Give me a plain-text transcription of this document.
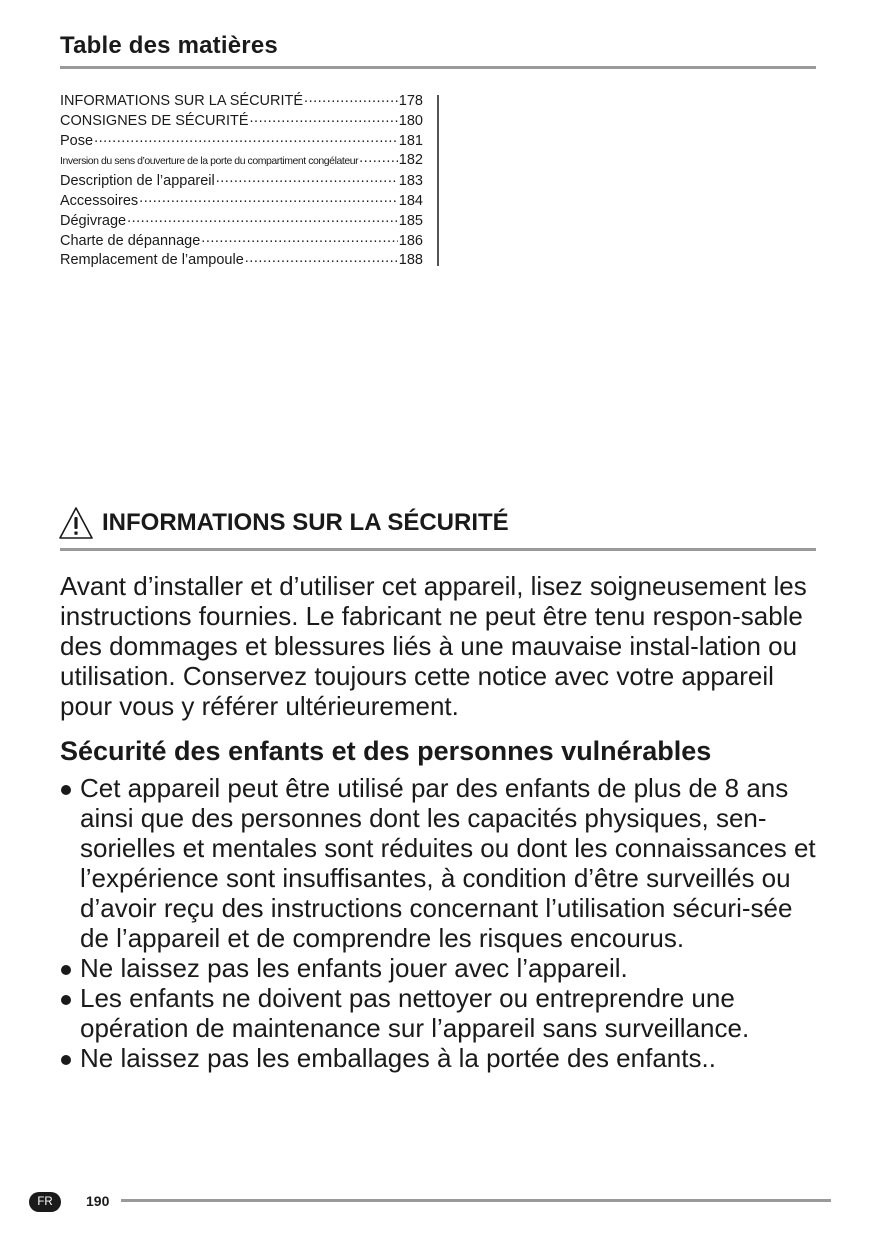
Table des matières
INFORMATIONS SUR LA SÉCURITÉ .....	178
CONSIGNES DE SÉCURITÉ .....	180
Pose .....	181
Inversion du sens d’ouverture de la porte du compartiment congélateur .....	182
Description de l’appareil .....	183
Accessoires .....	184
Dégivrage .....	185
Charte de dépannage .....	186
Remplacement de l’ampoule .....	188
INFORMATIONS SUR LA SÉCURITÉ
Avant d’installer et d’utiliser cet appareil, lisez soigneusement les instructions fournies. Le fabricant ne peut être tenu respon-sable des dommages et blessures liés à une mauvaise instal-lation ou utilisation. Conservez toujours cette notice avec votre appareil pour vous y référer ultérieurement.
Sécurité des enfants et des personnes vulnérables
Cet appareil peut être utilisé par des enfants de plus de 8 ans ainsi que des personnes dont les capacités physiques, sen-sorielles et mentales sont réduites ou dont les connaissances et l’expérience sont insuffisantes, à condition d’être surveillés ou d’avoir reçu des instructions concernant l’utilisation sécuri-sée de l’appareil et de comprendre les risques encourus.
Ne laissez pas les enfants jouer avec l’appareil.
Les enfants ne doivent pas nettoyer ou entreprendre une opération de maintenance sur l’appareil sans surveillance.
Ne laissez pas les emballages à la portée des enfants..
FR	190
